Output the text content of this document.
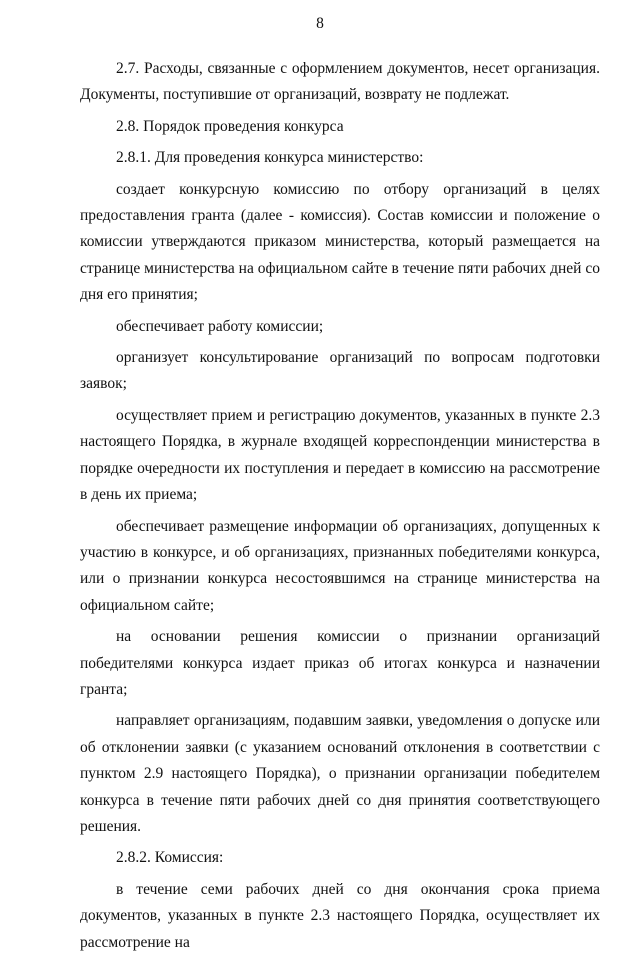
8

2.7. Расходы, связанные с оформлением документов, несет организация. Документы, поступившие от организаций, возврату не подлежат.

2.8. Порядок проведения конкурса

2.8.1. Для проведения конкурса министерство:

создает конкурсную комиссию по отбору организаций в целях предоставления гранта (далее - комиссия). Состав комиссии и положение о комиссии утверждаются приказом министерства, который размещается на странице министерства на официальном сайте в течение пяти рабочих дней со дня его принятия;

обеспечивает работу комиссии;

организует консультирование организаций по вопросам подготовки заявок;

осуществляет прием и регистрацию документов, указанных в пункте 2.3 настоящего Порядка, в журнале входящей корреспонденции министерства в порядке очередности их поступления и передает в комиссию на рассмотрение в день их приема;

обеспечивает размещение информации об организациях, допущенных к участию в конкурсе, и об организациях, признанных победителями конкурса, или о признании конкурса несостоявшимся на странице министерства на официальном сайте;

на основании решения комиссии о признании организаций победителями конкурса издает приказ об итогах конкурса и назначении гранта;

направляет организациям, подавшим заявки, уведомления о допуске или об отклонении заявки (с указанием оснований отклонения в соответствии с пунктом 2.9 настоящего Порядка), о признании организации победителем конкурса в течение пяти рабочих дней со дня принятия соответствующего решения.

2.8.2. Комиссия:

в течение семи рабочих дней со дня окончания срока приема документов, указанных в пункте 2.3 настоящего Порядка, осуществляет их рассмотрение на
